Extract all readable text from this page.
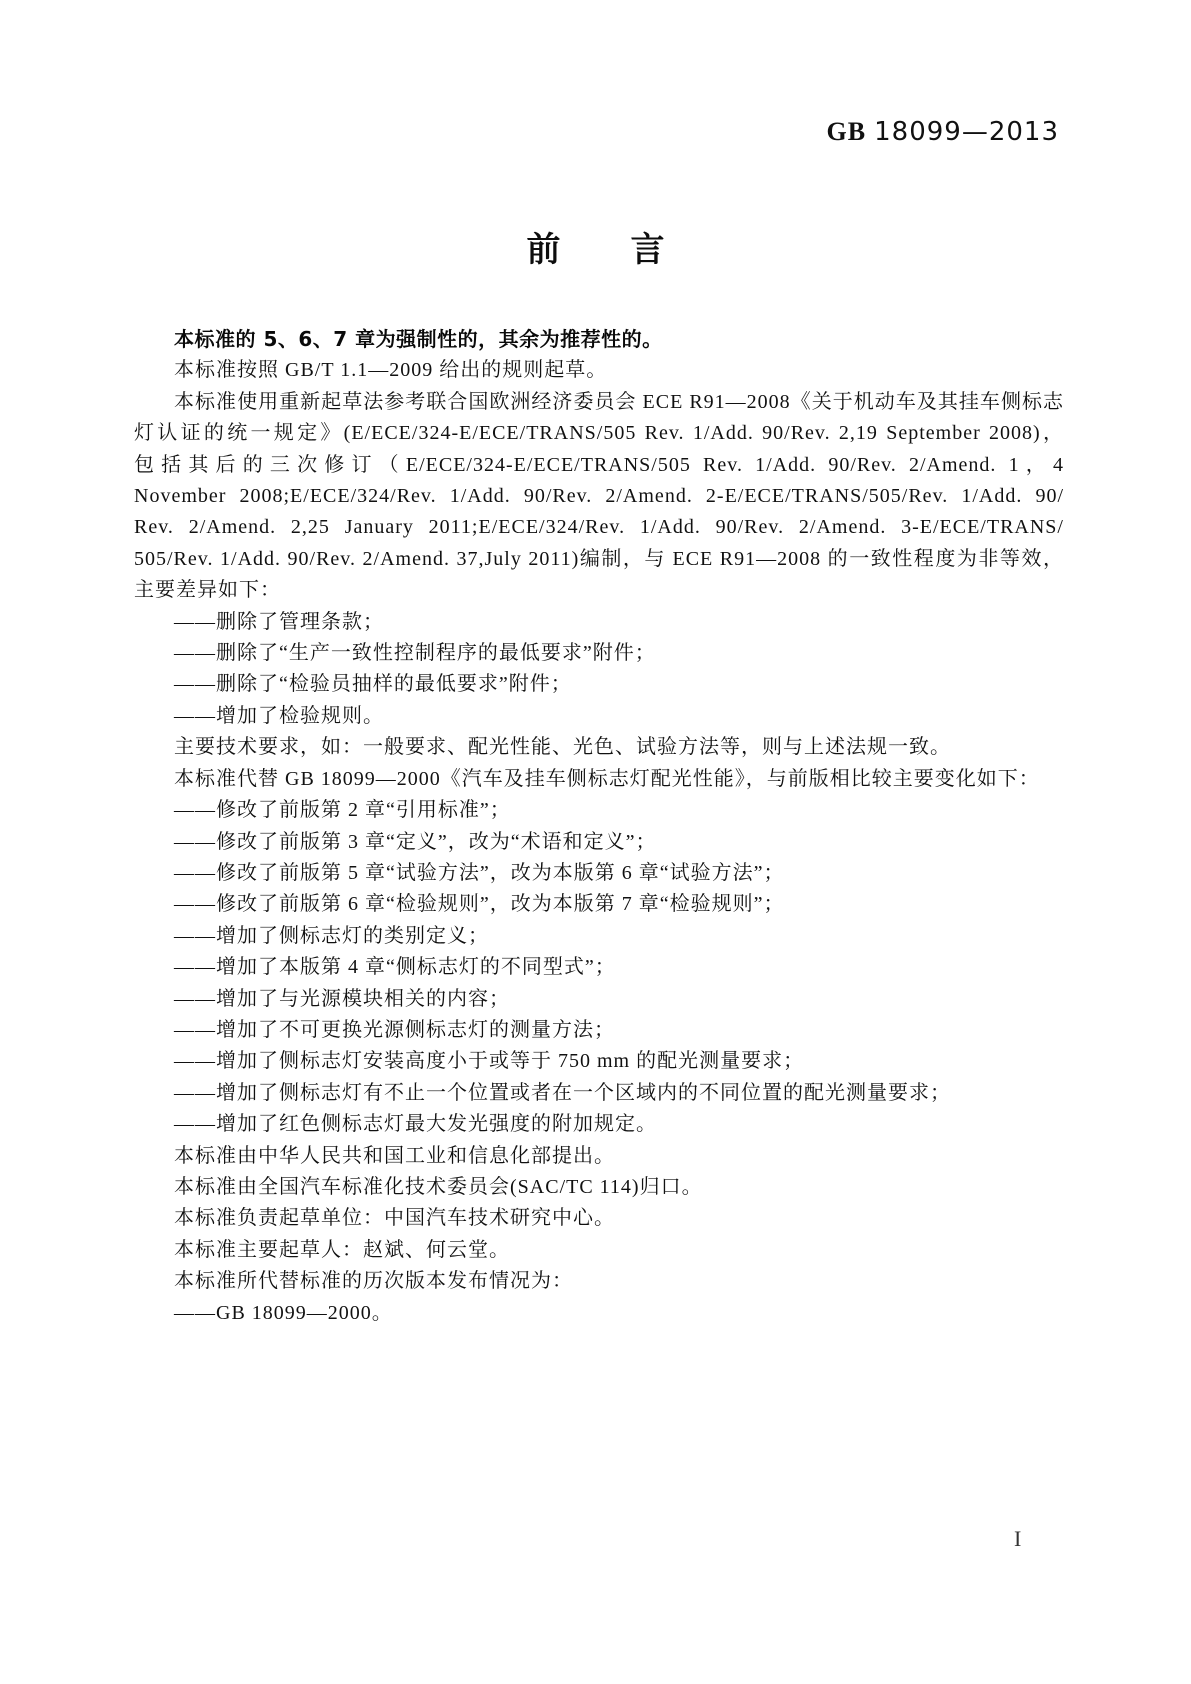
GB 18099—2013
前 言
本标准的 5、6、7 章为强制性的，其余为推荐性的。
本标准按照 GB/T 1.1—2009 给出的规则起草。
本标准使用重新起草法参考联合国欧洲经济委员会 ECE R91—2008《关于机动车及其挂车侧标志
灯认证的统一规定》(E/ECE/324-E/ECE/TRANS/505 Rev. 1/Add. 90/Rev. 2,19 September 2008)，
包括其后的三次修订（E/ECE/324-E/ECE/TRANS/505 Rev. 1/Add. 90/Rev. 2/Amend. 1，4
November 2008;E/ECE/324/Rev. 1/Add. 90/Rev. 2/Amend. 2-E/ECE/TRANS/505/Rev. 1/Add. 90/
Rev. 2/Amend. 2,25 January 2011;E/ECE/324/Rev. 1/Add. 90/Rev. 2/Amend. 3-E/ECE/TRANS/
505/Rev. 1/Add. 90/Rev. 2/Amend. 37,July 2011)编制，与 ECE R91—2008 的一致性程度为非等效，
主要差异如下：
——删除了管理条款；
——删除了“生产一致性控制程序的最低要求”附件；
——删除了“检验员抽样的最低要求”附件；
——增加了检验规则。
主要技术要求，如：一般要求、配光性能、光色、试验方法等，则与上述法规一致。
本标准代替 GB 18099—2000《汽车及挂车侧标志灯配光性能》，与前版相比较主要变化如下：
——修改了前版第 2 章“引用标准”；
——修改了前版第 3 章“定义”，改为“术语和定义”；
——修改了前版第 5 章“试验方法”，改为本版第 6 章“试验方法”；
——修改了前版第 6 章“检验规则”，改为本版第 7 章“检验规则”；
——增加了侧标志灯的类别定义；
——增加了本版第 4 章“侧标志灯的不同型式”；
——增加了与光源模块相关的内容；
——增加了不可更换光源侧标志灯的测量方法；
——增加了侧标志灯安装高度小于或等于 750 mm 的配光测量要求；
——增加了侧标志灯有不止一个位置或者在一个区域内的不同位置的配光测量要求；
——增加了红色侧标志灯最大发光强度的附加规定。
本标准由中华人民共和国工业和信息化部提出。
本标准由全国汽车标准化技术委员会(SAC/TC 114)归口。
本标准负责起草单位：中国汽车技术研究中心。
本标准主要起草人：赵斌、何云堂。
本标准所代替标准的历次版本发布情况为：
——GB 18099—2000。
I
